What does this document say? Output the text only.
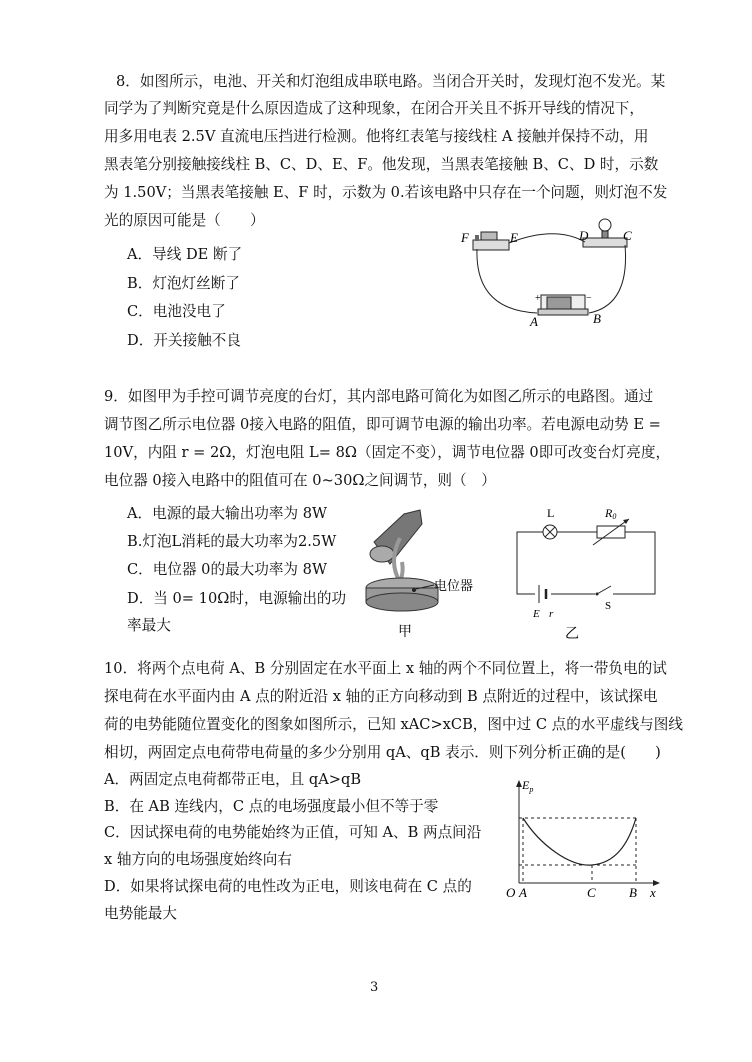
8．如图所示，电池、开关和灯泡组成串联电路。当闭合开关时，发现灯泡不发光。某
同学为了判断究竟是什么原因造成了这种现象，在闭合开关且不拆开导线的情况下，
用多用电表 2.5V 直流电压挡进行检测。他将红表笔与接线柱 A 接触并保持不动，用
黑表笔分别接触接线柱 B、C、D、E、F。他发现，当黑表笔接触 B、C、D 时，示数
为 1.50V；当黑表笔接触 E、F 时，示数为 0.若该电路中只存在一个问题，则灯泡不发
光的原因可能是（　　）
A．导线 DE 断了
B．灯泡灯丝断了
C．电池没电了
D．开关接触不良
F	E	D	C
A	B
+	−
9．如图甲为手控可调节亮度的台灯，其内部电路可简化为如图乙所示的电路图。通过
调节图乙所示电位器 0接入电路的阻值，即可调节电源的输出功率。若电源电动势 E =
10V，内阻 r = 2Ω，灯泡电阻 L= 8Ω（固定不变），调节电位器 0即可改变台灯亮度，
电位器 0接入电路中的阻值可在 0~30Ω之间调节，则（　）
A．电源的最大输出功率为 8W
B.灯泡L消耗的最大功率为2.5W
C．电位器 0的最大功率为 8W
D．当 0= 10Ω时，电源输出的功
率最大
电位器
甲
L	R0
E r
S
乙
10．将两个点电荷 A、B 分别固定在水平面上 x 轴的两个不同位置上，将一带负电的试
探电荷在水平面内由 A 点的附近沿 x 轴的正方向移动到 B 点附近的过程中，该试探电
荷的电势能随位置变化的图象如图所示，已知 xAC>xCB，图中过 C 点的水平虚线与图线
相切，两固定点电荷带电荷量的多少分别用 qA、qB 表示．则下列分析正确的是(　　)
A．两固定点电荷都带正电，且 qA>qB
B．在 AB 连线内，C 点的电场强度最小但不等于零
C．因试探电荷的电势能始终为正值，可知 A、B 两点间沿
x 轴方向的电场强度始终向右
D．如果将试探电荷的电性改为正电，则该电荷在 C 点的
电势能最大
$E_p$
x
O A	C	B
3
